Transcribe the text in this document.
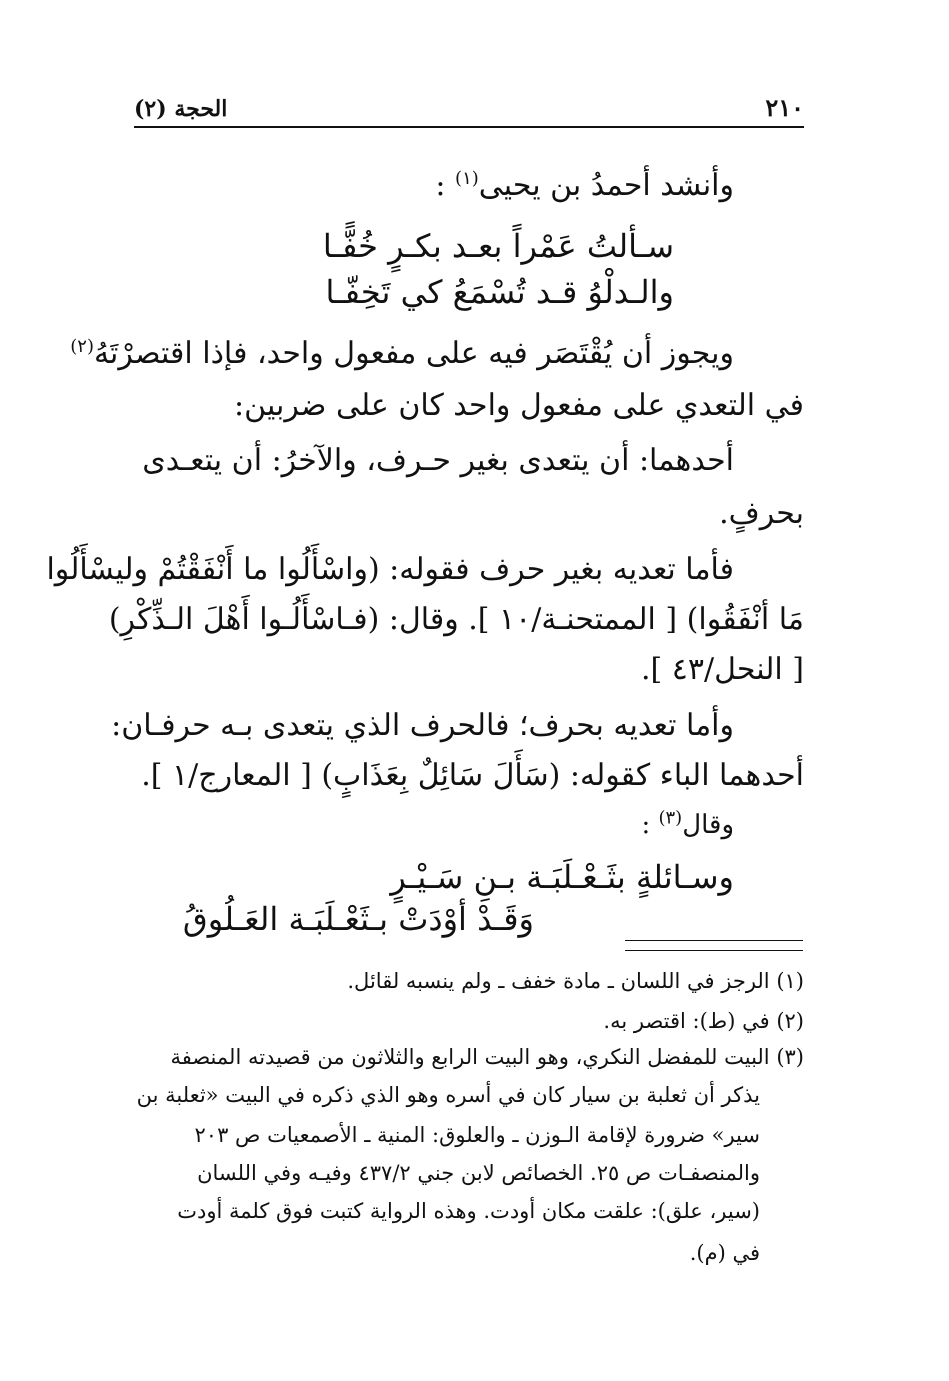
٢١٠
الحجة (٢)
وأنشد أحمدُ بن يحيى$^{(١)}$ :
سـألتُ عَمْراً بعـد بكـرٍ خُفًّـا
والـدلْوُ قـد تُسْمَعُ كي تَخِفّـا
ويجوز أن يُقْتَصَر فيه على مفعول واحد، فإذا اقتصرْتَهُ$^{(٢)}$
في التعدي على مفعول واحد كان على ضربين:
أحدهما: أن يتعدى بغير حـرف، والآخرُ: أن يتعـدى
بحرفٍ.
فأما تعديه بغير حرف فقوله: (واسْأَلُوا ما أَنْفَقْتُمْ وليسْأَلُوا
مَا أنْفَقُوا) [ الممتحنـة/١٠ ]. وقال: (فـاسْأَلُـوا أَهْلَ الـذِّكْرِ)
[ النحل/٤٣ ].
وأما تعديه بحرف؛ فالحرف الذي يتعدى بـه حرفـان:
أحدهما الباء كقوله: (سَأَلَ سَائِلٌ بِعَذَابٍ) [ المعارج/١ ].
وقال$^{(٣)}$ :
وسـائلةٍ بثَـعْـلَبَـة بـنِ سَـيْـرٍ
وَقَـدْ أوْدَتْ بـثَعْـلَبَـة العَـلُوقُ
(١) الرجز في اللسان ـ مادة خفف ـ ولم ينسبه لقائل.
(٢) في (ط): اقتصر به.
(٣) البيت للمفضل النكري، وهو البيت الرابع والثلاثون من قصيدته المنصفة
يذكر أن ثعلبة بن سيار كان في أسره وهو الذي ذكره في البيت «ثعلبة بن
سير» ضرورة لإقامة الـوزن ـ والعلوق: المنية ـ الأصمعيات ص ٢٠٣
والمنصفـات ص ٢٥. الخصائص لابن جني ٤٣٧/٢ وفيـه وفي اللسان
(سير، علق): علقت مكان أودت. وهذه الرواية كتبت فوق كلمة أودت
في (م).
